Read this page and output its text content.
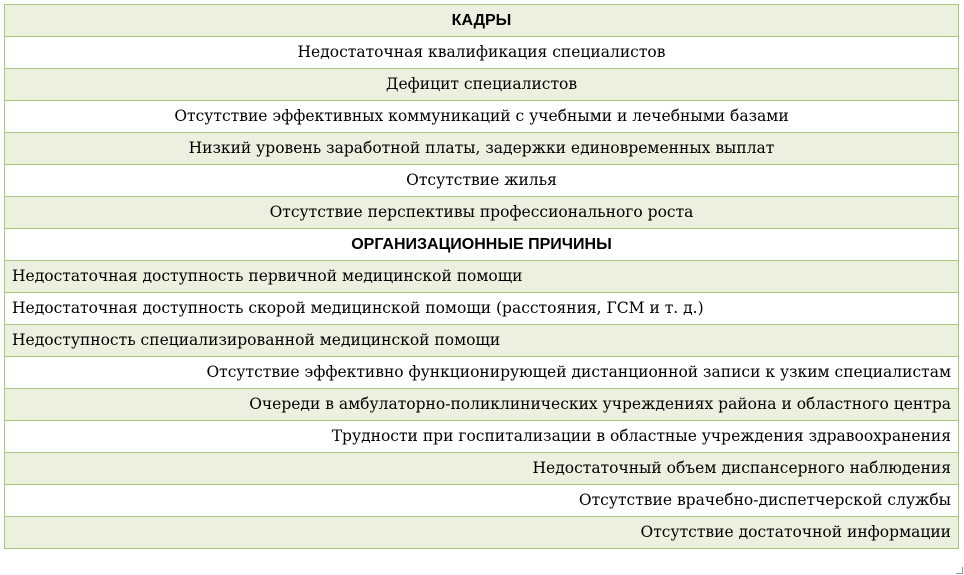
КАДРЫ
Недостаточная квалификация специалистов
Дефицит специалистов
Отсутствие эффективных коммуникаций с учебными и лечебными базами
Низкий уровень заработной платы, задержки единовременных выплат
Отсутствие жилья
Отсутствие перспективы профессионального роста
ОРГАНИЗАЦИОННЫЕ ПРИЧИНЫ
Недостаточная доступность первичной медицинской помощи
Недостаточная доступность скорой медицинской помощи (расстояния, ГСМ и т. д.)
Недоступность специализированной медицинской помощи
Отсутствие эффективно функционирующей дистанционной записи к узким специалистам
Очереди в амбулаторно-поликлинических учреждениях района и областного центра
Трудности при госпитализации в областные учреждения здравоохранения
Недостаточный объем диспансерного наблюдения
Отсутствие врачебно-диспетчерской службы
Отсутствие достаточной информации
